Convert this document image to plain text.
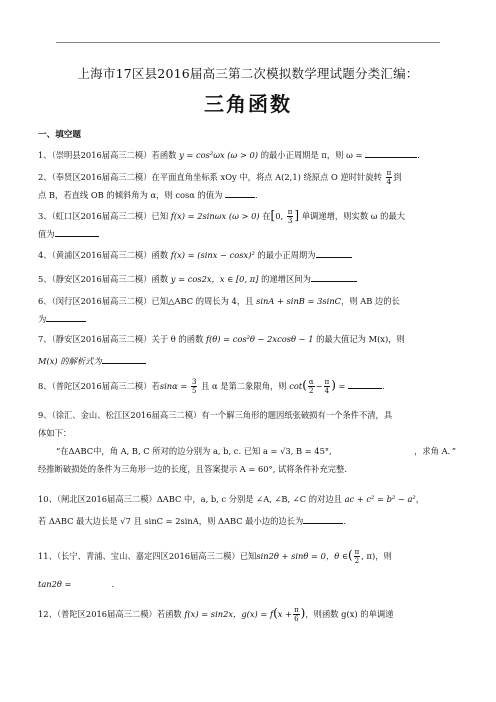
上海市17区县2016届高三第二次模拟数学理试题分类汇编：
三角函数
一、填空题

1、（崇明县2016届高三二模）若函数 y = cos²ωx (ω > 0) 的最小正周期是 π，则 ω =	.

2、（奉贤区2016届高三二模）在平面直角坐标系 xOy 中，将点 A(2,1) 绕原点 O 逆时针旋转 $\frac{\pi}{4}$ 到

点 B，若直线 OB 的倾斜角为 α，则 cosα 的值为	.

3、（虹口区2016届高三二模）已知 f(x) = 2sinωx (ω > 0) 在[0, $\frac{\pi}{3}$ ] 单调递增，则实数 ω 的最大

值为

4、（黄浦区2016届高三二模）函数 f(x) = (sinx − cosx)² 的最小正周期为

5、（静安区2016届高三二模）函数 y = cos2x，x ∈ [0, π] 的递增区间为

6、（闵行区2016届高三二模）已知△ABC 的周长为 4，且 sinA + sinB = 3sinC，则 AB 边的长

为

7、（静安区2016届高三二模）关于 θ 的函数 f(θ) = cos²θ − 2xcosθ − 1 的最大值记为 M(x)，则

M(x) 的解析式为

8、（普陀区2016届高三二模）若$\sin\alpha = \frac{3}{5}$ 且 α 是第二象限角，则 $\cot( \frac{\alpha}{2} - \frac{\pi}{4}$ ) =	.

9、（徐汇、金山、松江区2016届高三二模）有一个解三角形的题因纸张破损有一个条件不清，具

体如下：

“在ΔABC中，角 A, B, C 所对的边分别为 a, b, c. 已知 a = √3, B = 45°,	，求角 A．”

经推断破损处的条件为三角形一边的长度，且答案提示 A = 60°, 试将条件补充完整.

10、（闸北区2016届高三二模）ΔABC 中，a, b, c 分别是 ∠A, ∠B, ∠C 的对边且 ac + c² = b² − a²，

若 ΔABC 最大边长是 √7 且 sinC = 2sinA，则 ΔABC 最小边的边长为	.

11、（长宁、青浦、宝山、嘉定四区2016届高三二模）已知sin2θ + sinθ = 0，θ ∈( $\frac{\pi}{2}$ , π)，则

tan2θ =	.

12、（普陀区2016届高三二模）若函数 f(x) = sin2x，$g(x) = f(x + \frac{\pi}{6}$ )，则函数 g(x) 的单调递
